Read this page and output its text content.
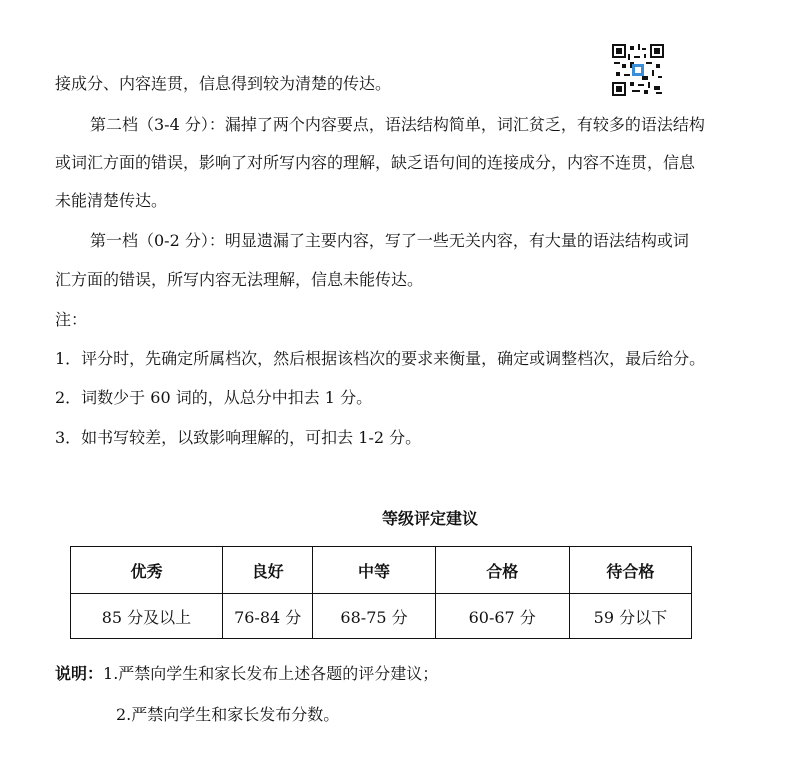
接成分、内容连贯，信息得到较为清楚的传达。
第二档（3-4 分）：漏掉了两个内容要点，语法结构简单，词汇贫乏，有较多的语法结构
或词汇方面的错误，影响了对所写内容的理解，缺乏语句间的连接成分，内容不连贯，信息
未能清楚传达。
第一档（0-2 分）：明显遗漏了主要内容，写了一些无关内容，有大量的语法结构或词
汇方面的错误，所写内容无法理解，信息未能传达。
注：
1．评分时，先确定所属档次，然后根据该档次的要求来衡量，确定或调整档次，最后给分。
2．词数少于 60 词的，从总分中扣去 1 分。
3．如书写较差，以致影响理解的，可扣去 1-2 分。
等级评定建议
优秀	良好	中等	合格	待合格
85 分及以上	76-84 分	68-75 分	60-67 分	59 分以下
说明：1.严禁向学生和家长发布上述各题的评分建议；
2.严禁向学生和家长发布分数。
